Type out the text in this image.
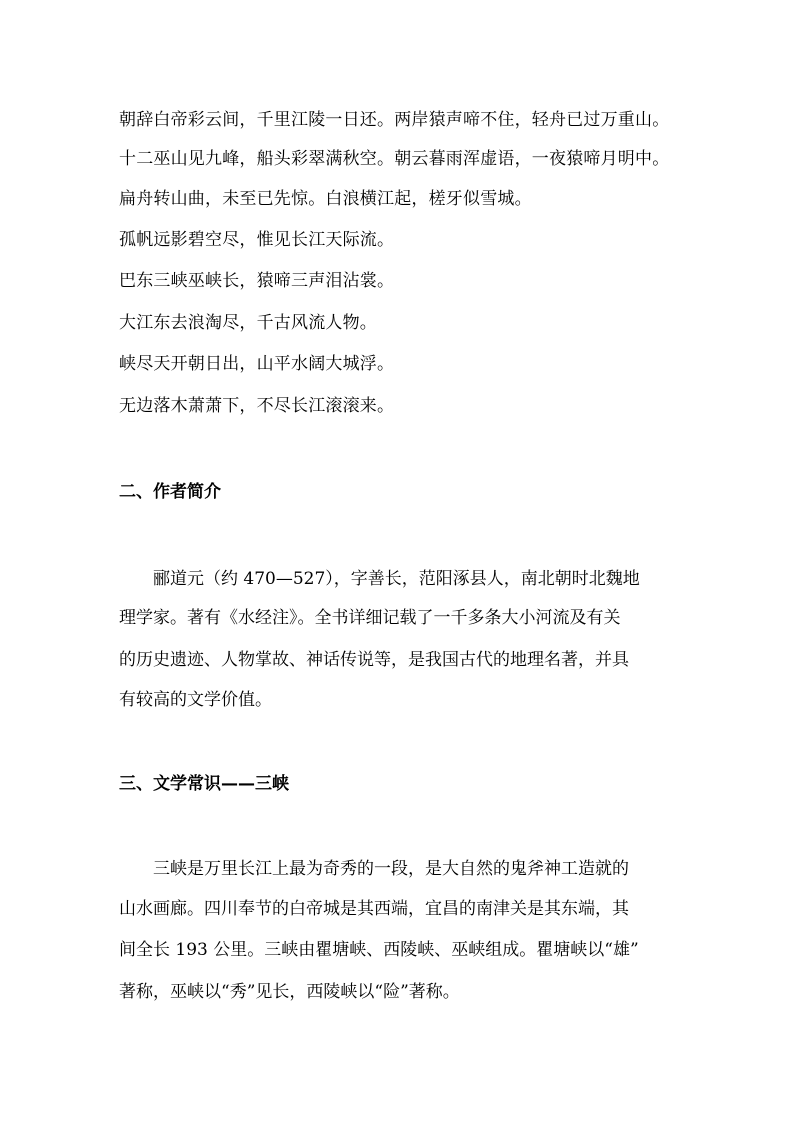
朝辞白帝彩云间，千里江陵一日还。两岸猿声啼不住，轻舟已过万重山。
十二巫山见九峰，船头彩翠满秋空。朝云暮雨浑虚语，一夜猿啼月明中。
扁舟转山曲，未至已先惊。白浪横江起，槎牙似雪城。
孤帆远影碧空尽，惟见长江天际流。
巴东三峡巫峡长，猿啼三声泪沾裳。
大江东去浪淘尽，千古风流人物。
峡尽天开朝日出，山平水阔大城浮。
无边落木萧萧下，不尽长江滚滚来。
二、作者简介
郦道元（约 470—527），字善长，范阳涿县人，南北朝时北魏地
理学家。著有《水经注》。全书详细记载了一千多条大小河流及有关
的历史遗迹、人物掌故、神话传说等，是我国古代的地理名著，并具
有较高的文学价值。
三、文学常识——三峡
三峡是万里长江上最为奇秀的一段，是大自然的鬼斧神工造就的
山水画廊。四川奉节的白帝城是其西端，宜昌的南津关是其东端，其
间全长 193 公里。三峡由瞿塘峡、西陵峡、巫峡组成。瞿塘峡以“雄”
著称，巫峡以“秀”见长，西陵峡以“险”著称。
